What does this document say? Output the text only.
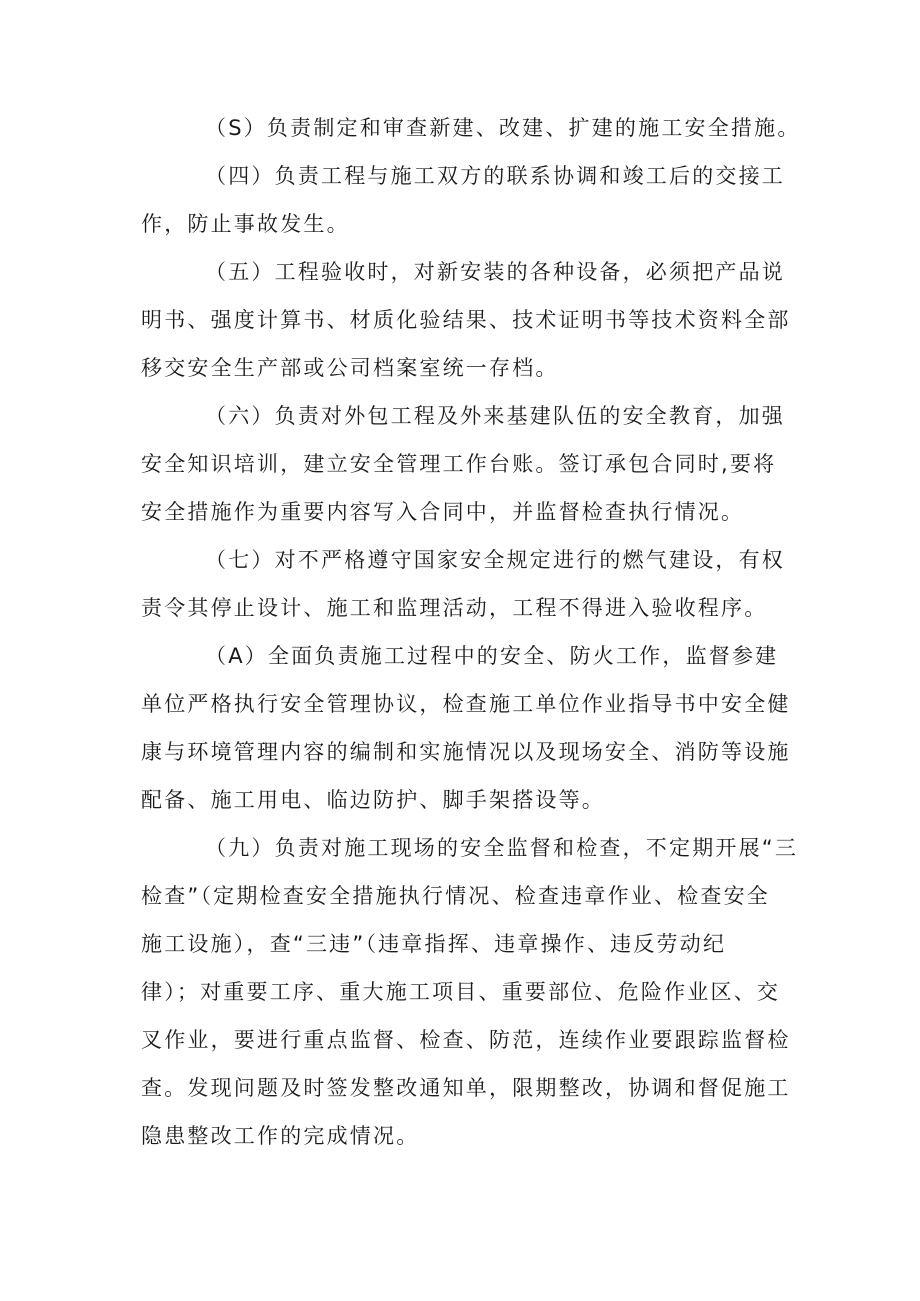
（S）负责制定和审查新建、改建、扩建的施工安全措施。
（四）负责工程与施工双方的联系协调和竣工后的交接工
作，防止事故发生。
（五）工程验收时，对新安装的各种设备，必须把产品说
明书、强度计算书、材质化验结果、技术证明书等技术资料全部
移交安全生产部或公司档案室统一存档。
（六）负责对外包工程及外来基建队伍的安全教育，加强
安全知识培训，建立安全管理工作台账。签订承包合同时,要将
安全措施作为重要内容写入合同中，并监督检查执行情况。
（七）对不严格遵守国家安全规定进行的燃气建设，有权
责令其停止设计、施工和监理活动，工程不得进入验收程序。
（A）全面负责施工过程中的安全、防火工作，监督参建
单位严格执行安全管理协议，检查施工单位作业指导书中安全健
康与环境管理内容的编制和实施情况以及现场安全、消防等设施
配备、施工用电、临边防护、脚手架搭设等。
（九）负责对施工现场的安全监督和检查，不定期开展“三
检查”（定期检查安全措施执行情况、检查违章作业、检查安全
施工设施），查“三违”（违章指挥、违章操作、违反劳动纪
律）；对重要工序、重大施工项目、重要部位、危险作业区、交
叉作业，要进行重点监督、检查、防范，连续作业要跟踪监督检
查。发现问题及时签发整改通知单，限期整改，协调和督促施工
隐患整改工作的完成情况。
